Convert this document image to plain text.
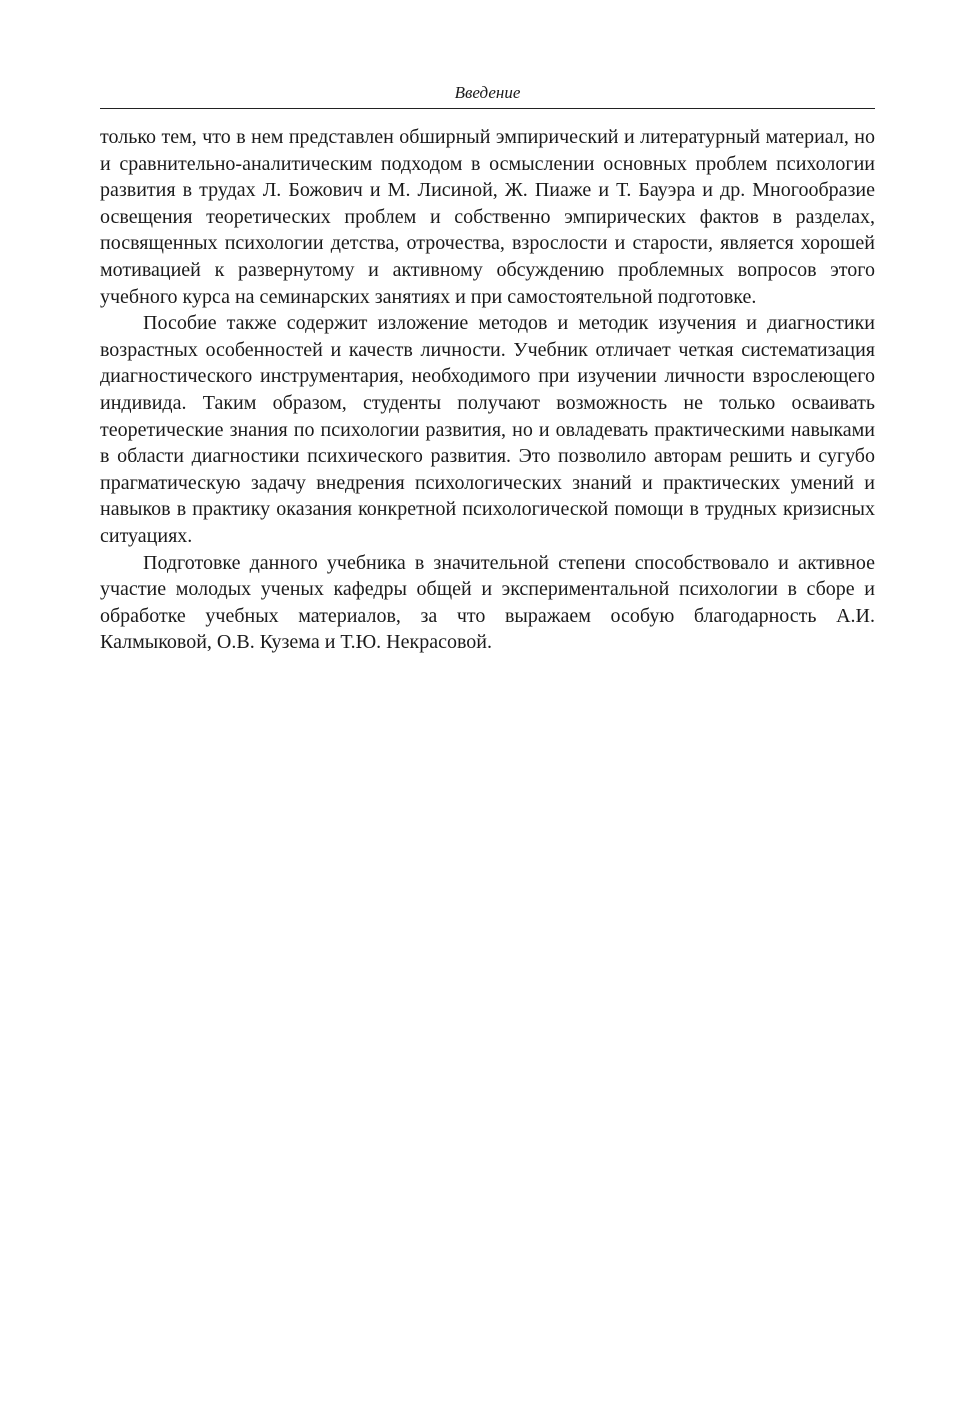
Введение

только тем, что в нем представлен обширный эмпирический и литературный материал, но и сравнительно-аналитическим подходом в осмыслении основных проблем психологии развития в трудах Л. Божович и М. Лисиной, Ж. Пиаже и Т. Бауэра и др. Многообразие освещения теоретических проблем и собственно эмпирических фактов в разделах, посвященных психологии детства, отрочества, взрослости и старости, является хорошей мотивацией к развернутому и активному обсуждению проблемных вопросов этого учебного курса на семинарских занятиях и при самостоятельной подготовке.

Пособие также содержит изложение методов и методик изучения и диагностики возрастных особенностей и качеств личности. Учебник отличает четкая систематизация диагностического инструментария, необходимого при изучении личности взрослеющего индивида. Таким образом, студенты получают возможность не только осваивать теоретические знания по психологии развития, но и овладевать практическими навыками в области диагностики психического развития. Это позволило авторам решить и сугубо прагматическую задачу внедрения психологических знаний и практических умений и навыков в практику оказания конкретной психологической помощи в трудных кризисных ситуациях.

Подготовке данного учебника в значительной степени способствовало и активное участие молодых ученых кафедры общей и экспериментальной психологии в сборе и обработке учебных материалов, за что выражаем особую благодарность А.И. Калмыковой, О.В. Кузема и Т.Ю. Некрасовой.
